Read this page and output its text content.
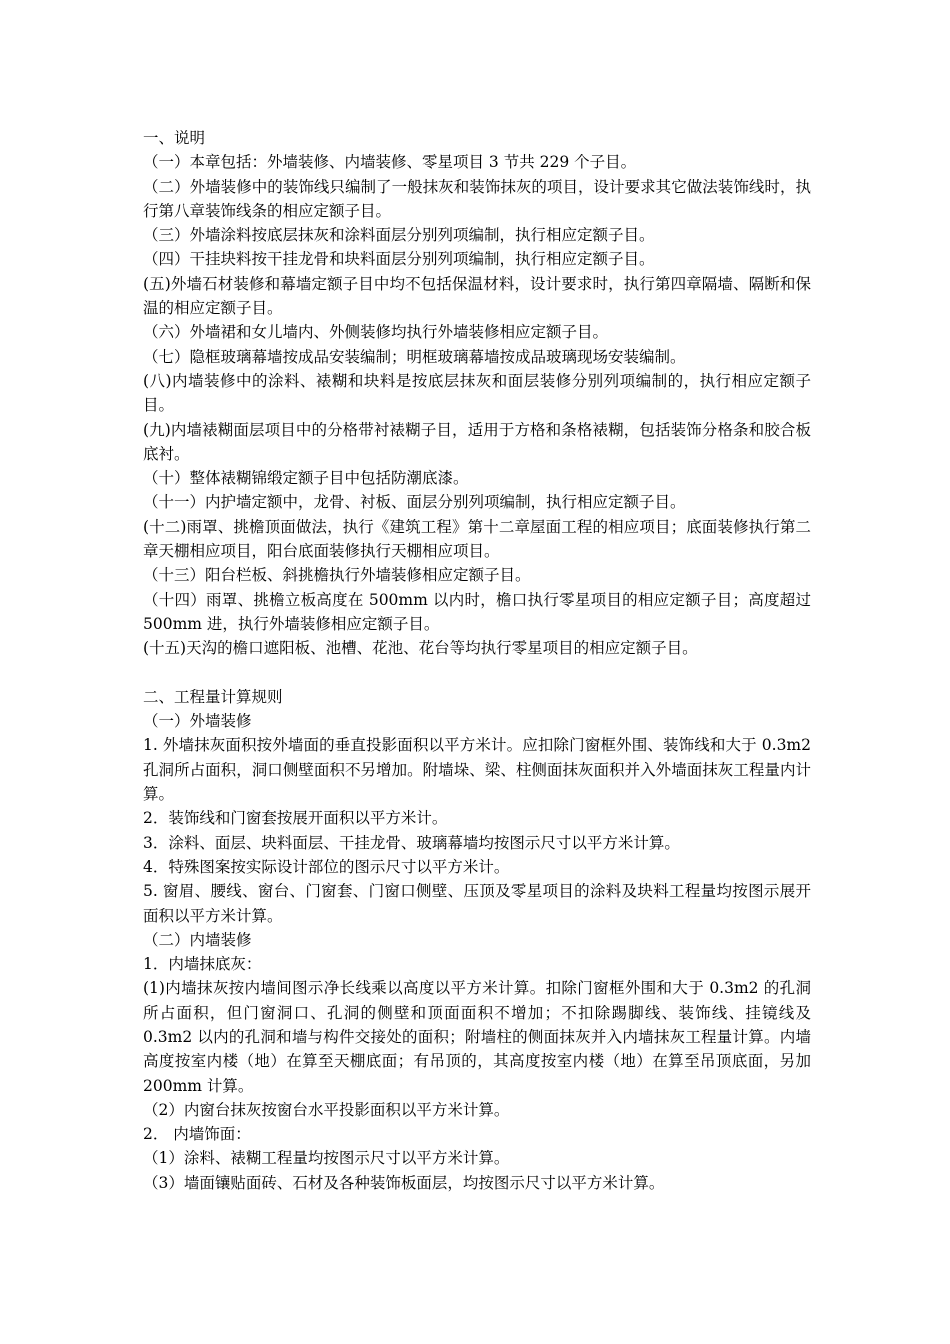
一、说明

（一）本章包括：外墙装修、内墙装修、零星项目 3 节共 229 个子目。

（二）外墙装修中的装饰线只编制了一般抹灰和装饰抹灰的项目，设计要求其它做法装饰线时，执行第八章装饰线条的相应定额子目。

（三）外墙涂料按底层抹灰和涂料面层分别列项编制，执行相应定额子目。

（四）干挂块料按干挂龙骨和块料面层分别列项编制，执行相应定额子目。

(五)外墙石材装修和幕墙定额子目中均不包括保温材料，设计要求时，执行第四章隔墙、隔断和保温的相应定额子目。

（六）外墙裙和女儿墙内、外侧装修均执行外墙装修相应定额子目。

（七）隐框玻璃幕墙按成品安装编制；明框玻璃幕墙按成品玻璃现场安装编制。

(八)内墙装修中的涂料、裱糊和块料是按底层抹灰和面层装修分别列项编制的，执行相应定额子目。

(九)内墙裱糊面层项目中的分格带衬裱糊子目，适用于方格和条格裱糊，包括装饰分格条和胶合板底衬。

（十）整体裱糊锦缎定额子目中包括防潮底漆。

（十一）内护墙定额中，龙骨、衬板、面层分别列项编制，执行相应定额子目。

(十二)雨罩、挑檐顶面做法，执行《建筑工程》第十二章屋面工程的相应项目；底面装修执行第二章天棚相应项目，阳台底面装修执行天棚相应项目。

（十三）阳台栏板、斜挑檐执行外墙装修相应定额子目。

（十四）雨罩、挑檐立板高度在 500mm 以内时，檐口执行零星项目的相应定额子目；高度超过 500mm 进，执行外墙装修相应定额子目。

(十五)天沟的檐口遮阳板、池槽、花池、花台等均执行零星项目的相应定额子目。

二、工程量计算规则

（一）外墙装修

1. 外墙抹灰面积按外墙面的垂直投影面积以平方米计。应扣除门窗框外围、装饰线和大于 0.3m2 孔洞所占面积，洞口侧壁面积不另增加。附墙垛、梁、柱侧面抹灰面积并入外墙面抹灰工程量内计算。

2．装饰线和门窗套按展开面积以平方米计。

3．涂料、面层、块料面层、干挂龙骨、玻璃幕墙均按图示尺寸以平方米计算。

4．特殊图案按实际设计部位的图示尺寸以平方米计。

5. 窗眉、腰线、窗台、门窗套、门窗口侧壁、压顶及零星项目的涂料及块料工程量均按图示展开面积以平方米计算。

（二）内墙装修

1．内墙抹底灰：

(1)内墙抹灰按内墙间图示净长线乘以高度以平方米计算。扣除门窗框外围和大于 0.3m2 的孔洞所占面积，但门窗洞口、孔洞的侧壁和顶面面积不增加；不扣除踢脚线、装饰线、挂镜线及 0.3m2 以内的孔洞和墙与构件交接处的面积；附墙柱的侧面抹灰并入内墙抹灰工程量计算。内墙高度按室内楼（地）在算至天棚底面；有吊顶的，其高度按室内楼（地）在算至吊顶底面，另加 200mm 计算。

（2）内窗台抹灰按窗台水平投影面积以平方米计算。

2． 内墙饰面：

（1）涂料、裱糊工程量均按图示尺寸以平方米计算。

（3）墙面镶贴面砖、石材及各种装饰板面层，均按图示尺寸以平方米计算。
